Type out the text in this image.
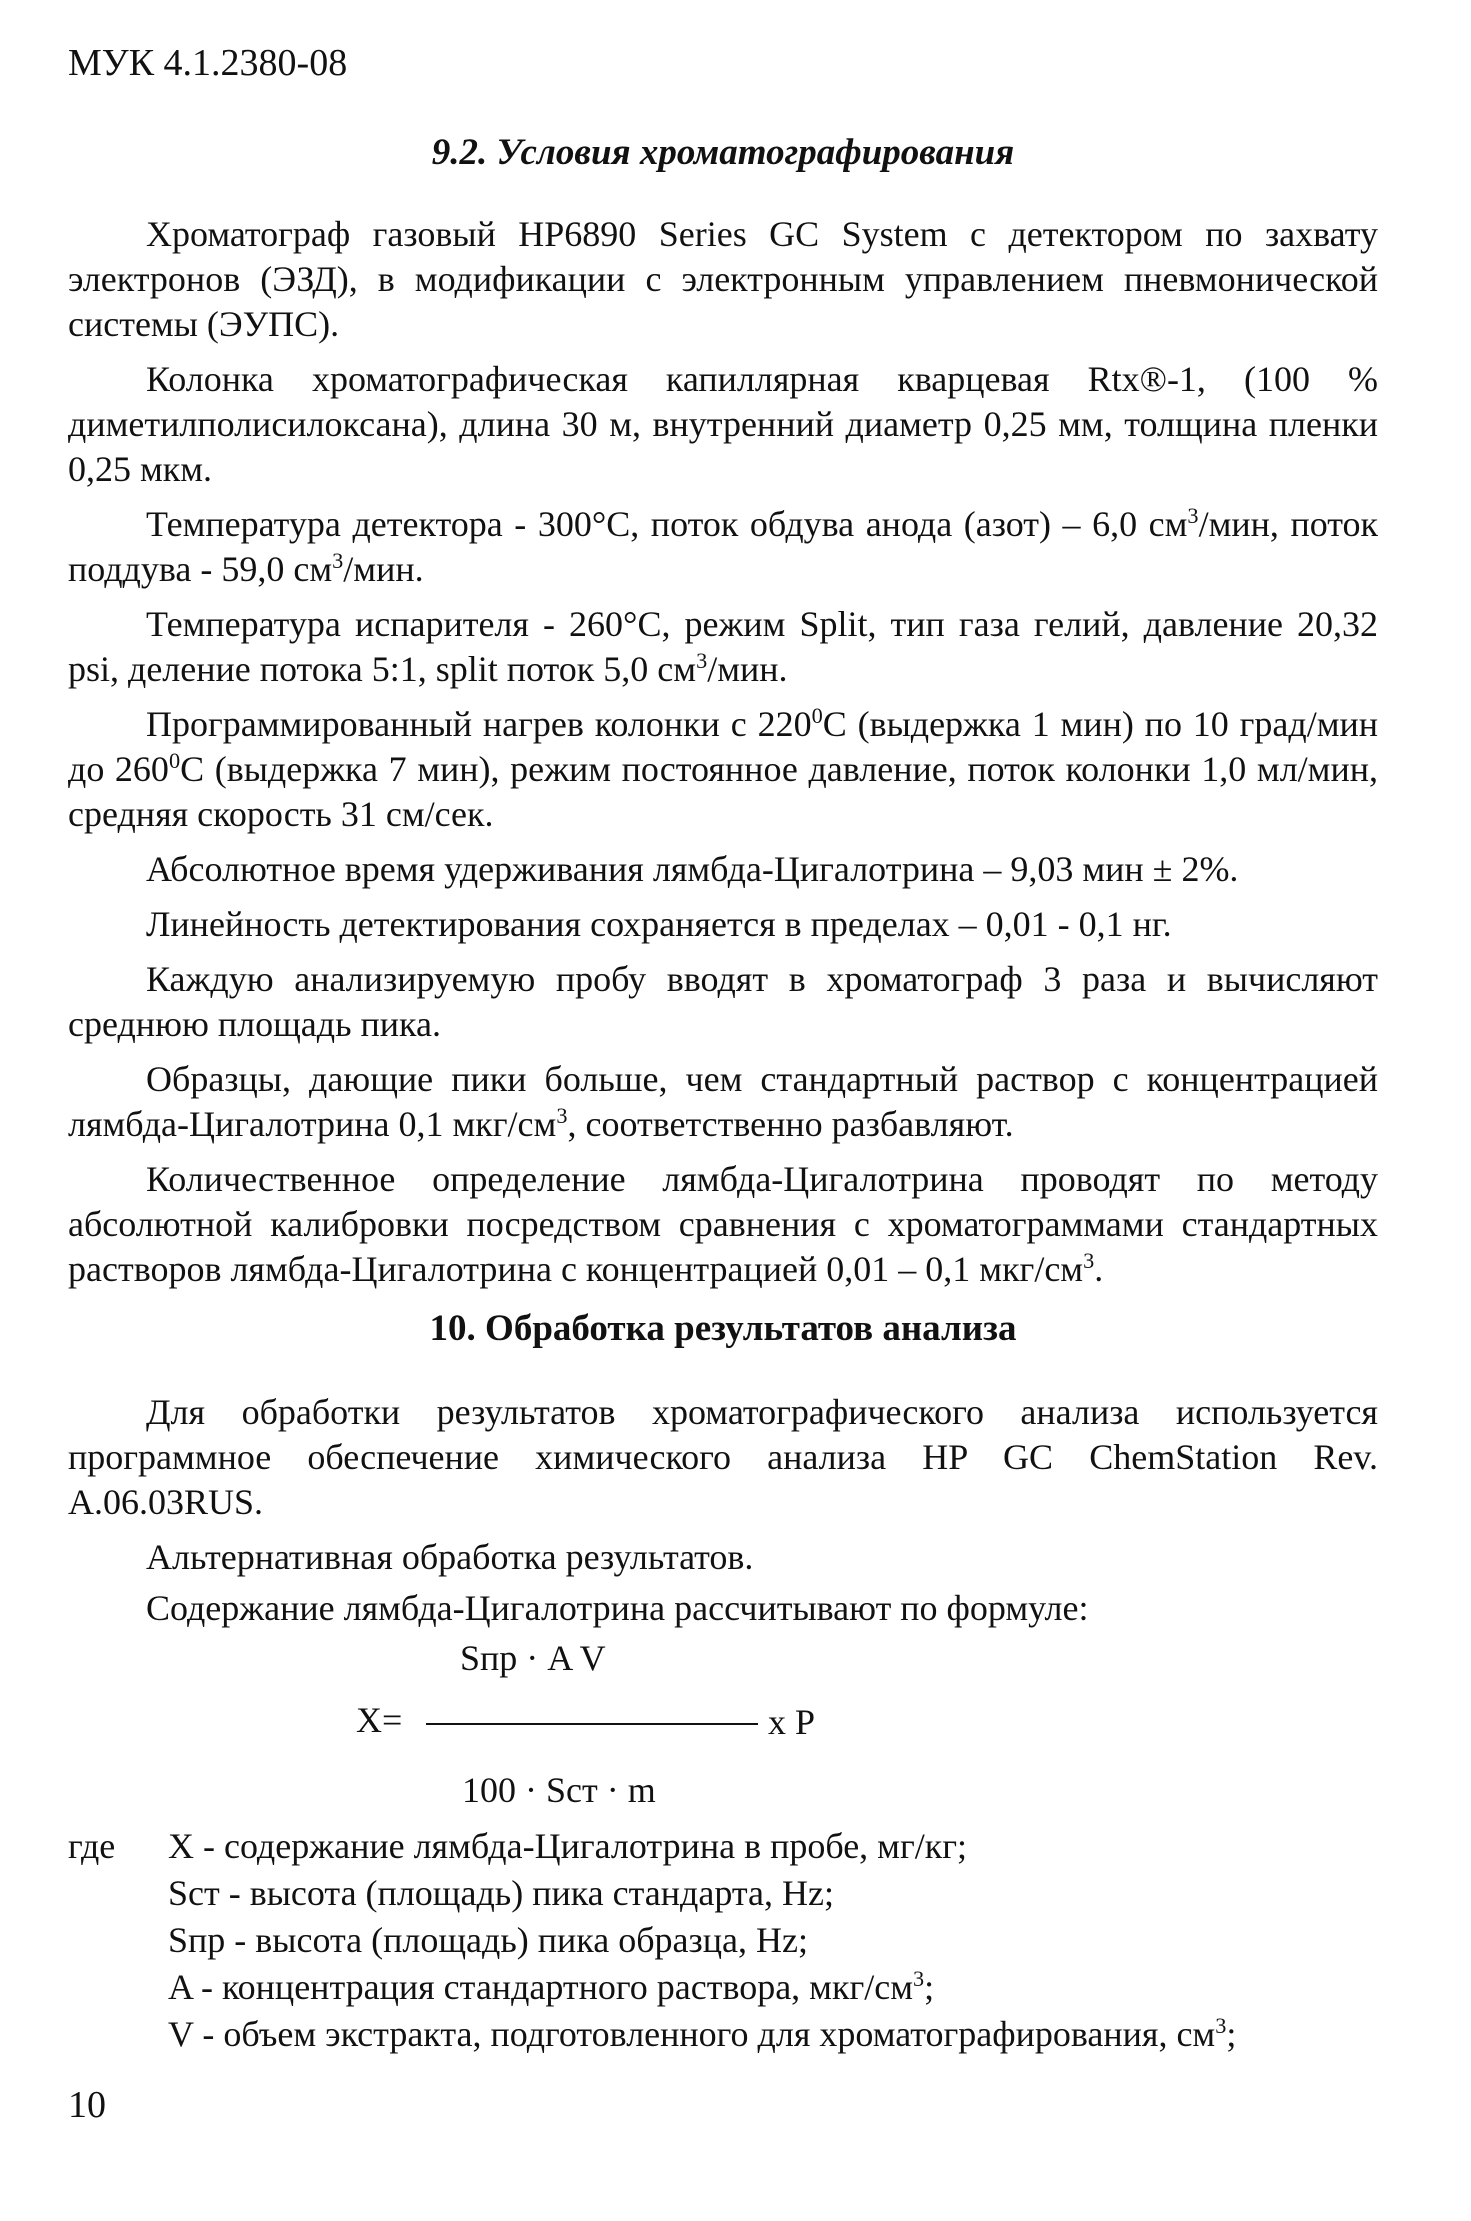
МУК 4.1.2380-08

9.2. Условия хроматографирования

Хроматограф газовый HP6890 Series GC System с детектором по захвату электронов (ЭЗД), в модификации с электронным управлением пневмонической системы (ЭУПС).

Колонка хроматографическая капиллярная кварцевая Rtx®-1, (100 % диметилполисилоксана), длина 30 м, внутренний диаметр 0,25 мм, толщина пленки 0,25 мкм.

Температура детектора - 300°C, поток обдува анода (азот) – 6,0 $см^3$/мин, поток поддува - 59,0 $см^3$/мин.

Температура испарителя - 260°C, режим Split, тип газа гелий, давление 20,32 psi, деление потока 5:1, split поток 5,0 $см^3$/мин.

Программированный нагрев колонки с $220^0С$ (выдержка 1 мин) по 10 град/мин до $260^0С$ (выдержка 7 мин), режим постоянное давление, поток колонки 1,0 мл/мин, средняя скорость 31 см/сек.

Абсолютное время удерживания лямбда-Цигалотрина – 9,03 мин ± 2%.

Линейность детектирования сохраняется в пределах – 0,01 - 0,1 нг.

Каждую анализируемую пробу вводят в хроматограф 3 раза и вычисляют среднюю площадь пика.

Образцы, дающие пики больше, чем стандартный раствор с концентрацией лямбда-Цигалотрина 0,1 мкг/$см^3$, соответственно разбавляют.

Количественное определение лямбда-Цигалотрина проводят по методу абсолютной калибровки посредством сравнения с хроматограммами стандартных растворов лямбда-Цигалотрина с концентрацией 0,01 – 0,1 мкг/$см^3$.

10. Обработка результатов анализа

Для обработки результатов хроматографического анализа используется программное обеспечение химического анализа HP GC ChemStation Rev. A.06.03RUS.

Альтернативная обработка результатов.

Содержание лямбда-Цигалотрина рассчитывают по формуле:

Sпр · A V
X=	x P
100 · Sст · m
где X - содержание лямбда-Цигалотрина в пробе, мг/кг;
Sст - высота (площадь) пика стандарта, Hz;
Sпр - высота (площадь) пика образца, Hz;
A - концентрация стандартного раствора, мкг/$см^3$;
V - объем экстракта, подготовленного для хроматографирования, $см^3$;
10
